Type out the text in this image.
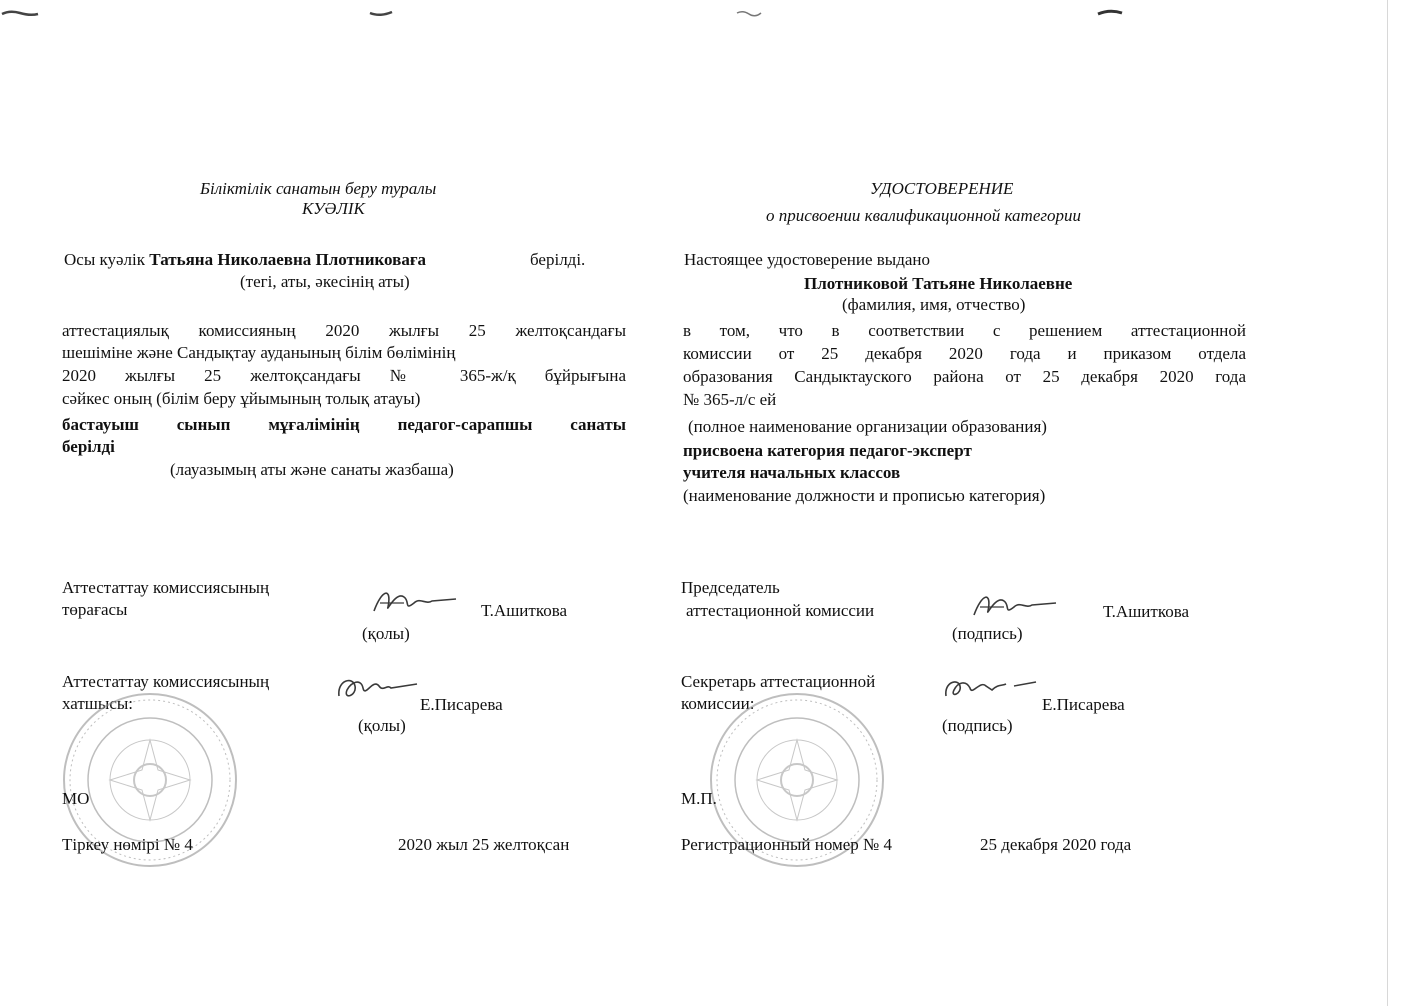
Біліктілік санатын беру туралы
КУӘЛІК
Осы куәлік Татьяна Николаевна Плотниковаға	берілді.
(тегі, аты, әкесінің аты)
аттестациялық комиссияның 2020 жылғы 25 желтоқсандағы
шешіміне және Сандықтау ауданының білім бөлімінің
2020 жылғы 25 желтоқсандағы № 365-ж/қ бұйрығына
сәйкес оның (білім беру ұйымының толық атауы)
бастауыш сынып мұғалімінің педагог-сарапшы санаты
берілді
(лауазымың аты және санаты жазбаша)
Аттестаттау комиссиясының
төрағасы	Т.Ашиткова
(қолы)
Аттестаттау комиссиясының
хатшысы:	Е.Писарева
(қолы)
МО
Тіркеу нөмірі № 4	2020 жыл 25 желтоқсан
УДОСТОВЕРЕНИЕ
о присвоении квалификационной категории
Настоящее удостоверение выдано
Плотниковой Татьяне Николаевне
(фамилия, имя, отчество)
в том, что в соответствии с решением аттестационной
комиссии от 25 декабря 2020 года и приказом отдела
образования Сандыктауского района от 25 декабря 2020 года
№ 365-л/с ей
(полное наименование организации образования)
присвоена категория педагог-эксперт
учителя начальных классов
(наименование должности и прописью категория)
Председатель
аттестационной комиссии	Т.Ашиткова
(подпись)
Секретарь аттестационной
комиссии:	Е.Писарева
(подпись)
М.П.
Регистрационный номер № 4	25 декабря 2020 года
